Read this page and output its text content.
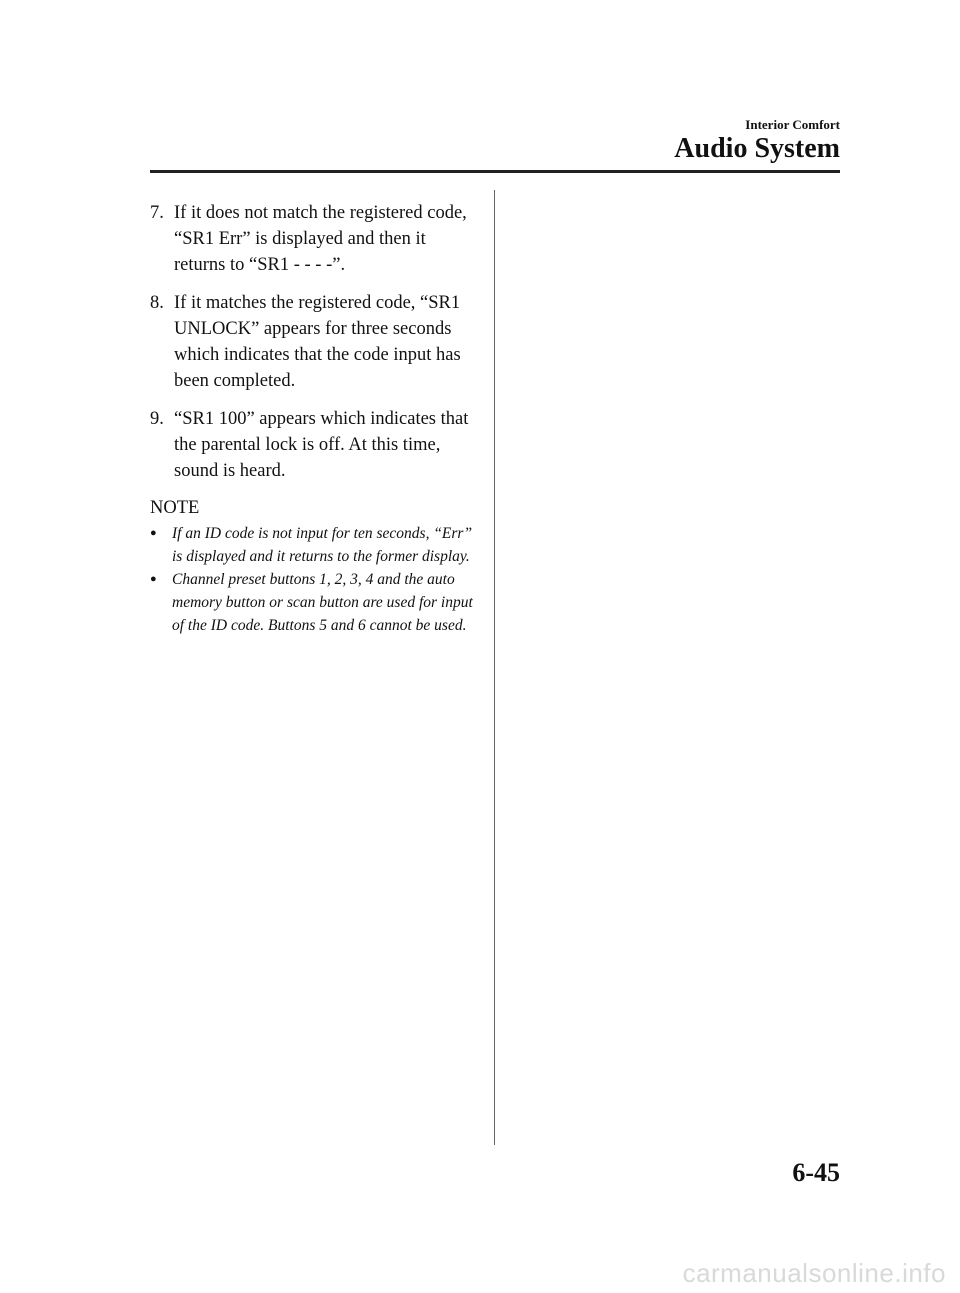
Interior Comfort
Audio System
7. If it does not match the registered code, “SR1 Err” is displayed and then it returns to “SR1 - - - -”.
8. If it matches the registered code, “SR1 UNLOCK” appears for three seconds which indicates that the code input has been completed.
9. “SR1 100” appears which indicates that the parental lock is off. At this time, sound is heard.
NOTE
● If an ID code is not input for ten seconds, “Err” is displayed and it returns to the former display.
● Channel preset buttons 1, 2, 3, 4 and the auto memory button or scan button are used for input of the ID code. Buttons 5 and 6 cannot be used.
6-45
carmanualsonline.info
